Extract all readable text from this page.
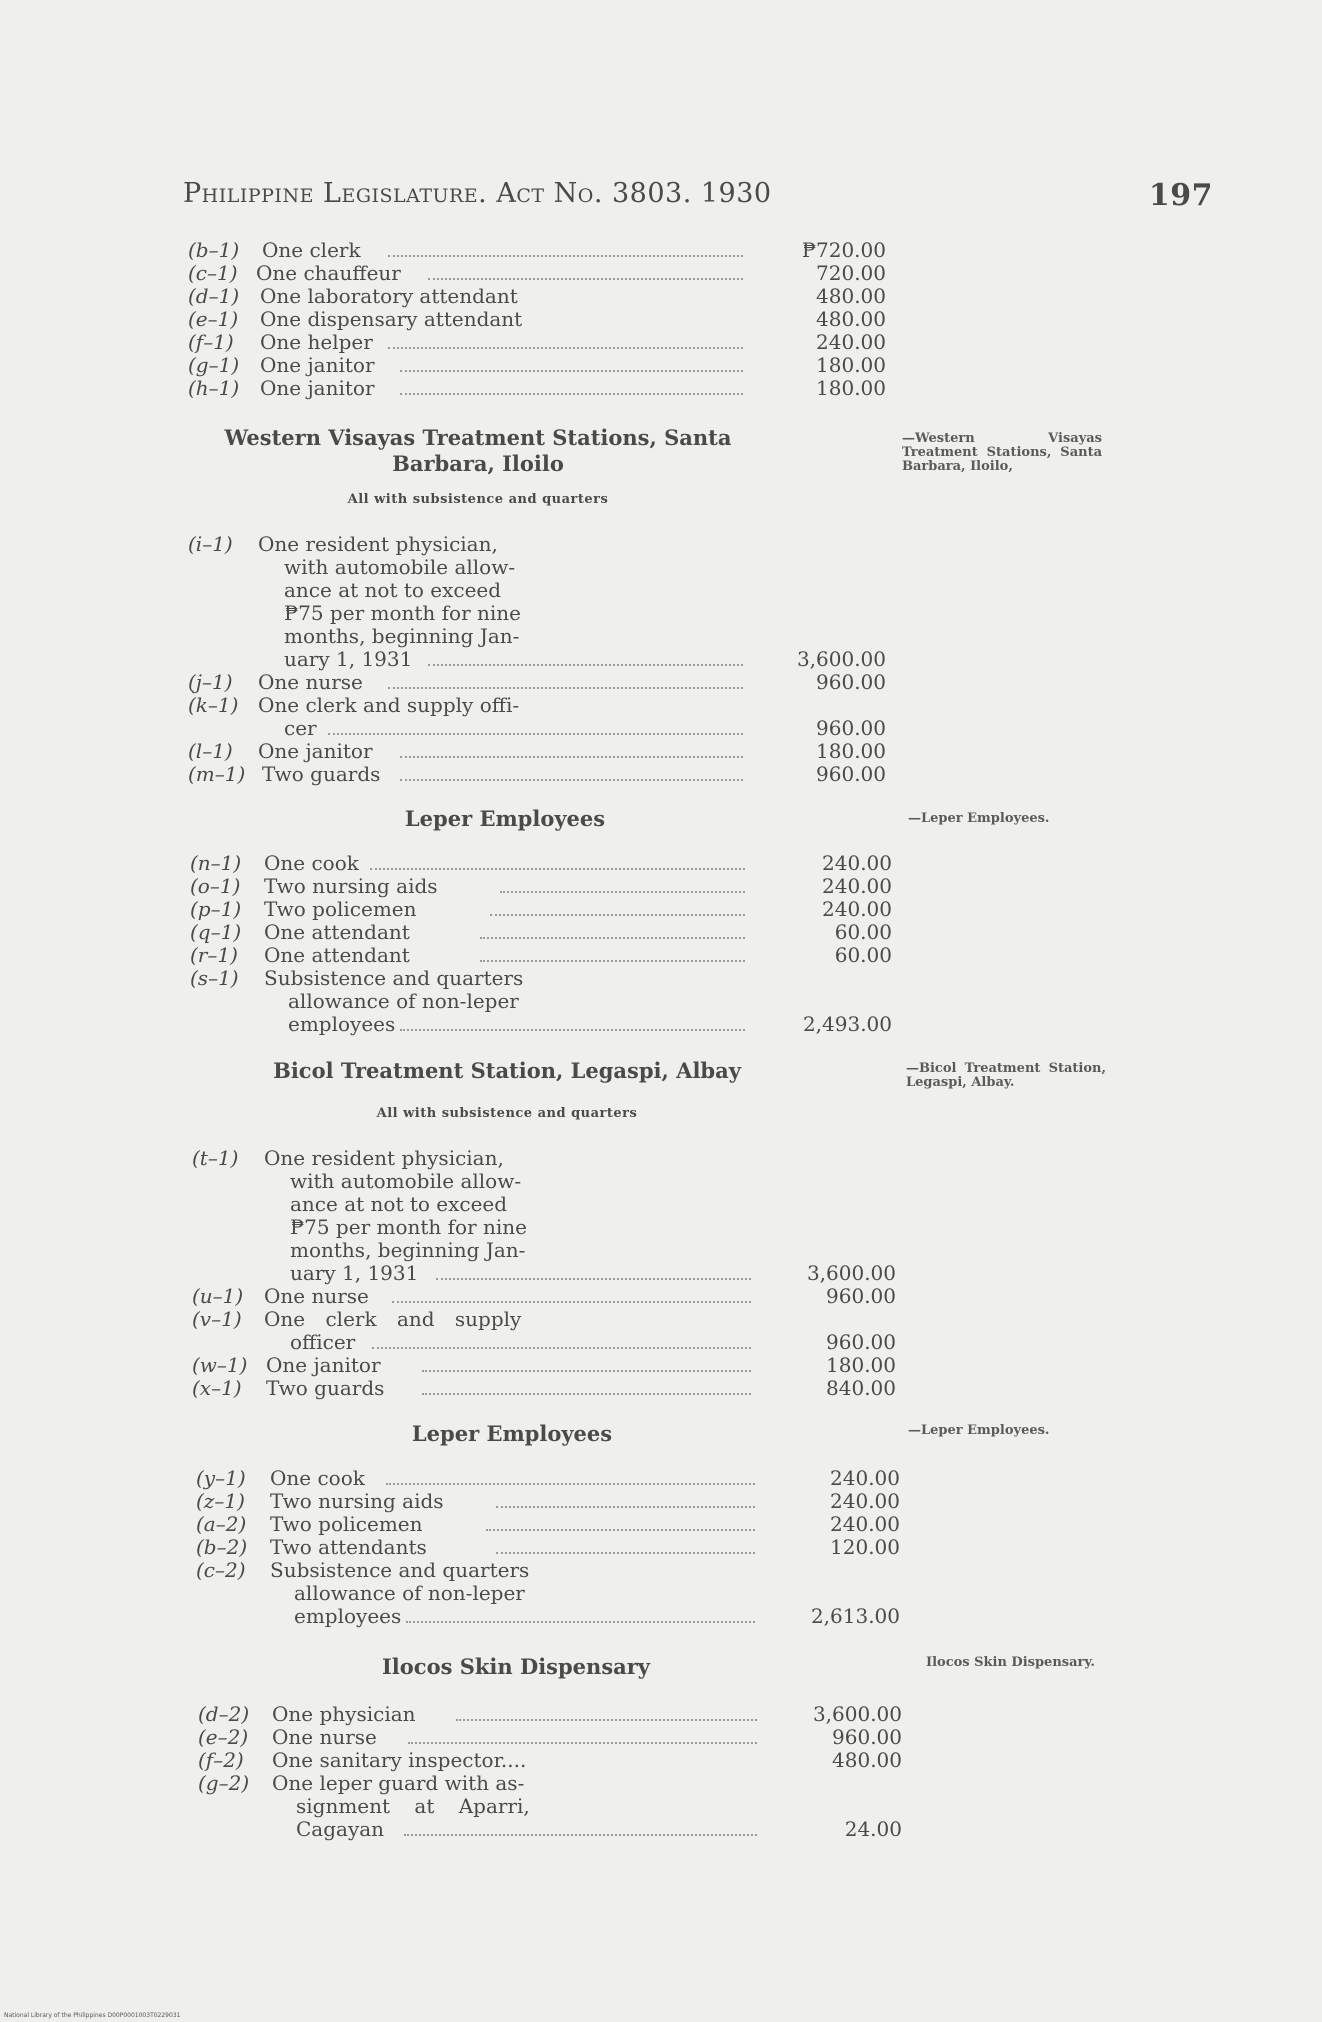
Philippine Legislature. Act No. 3803. 1930	197
(b–1) One clerk	₱720.00
(c–1) One chauffeur	720.00
(d–1) One laboratory attendant	480.00
(e–1) One dispensary attendant	480.00
(f–1) One helper	240.00
(g–1) One janitor	180.00
(h–1) One janitor	180.00
Western Visayas Treatment Stations, Santa
Barbara, Iloilo
All with subsistence and quarters
—Western Visayas Treatment Stations, Santa Barbara, Iloilo,
(i–1) One resident physician,
with automobile allow-
ance at not to exceed
₱75 per month for nine
months, beginning Jan-
uary 1, 1931	3,600.00
(j–1) One nurse	960.00
(k–1) One clerk and supply offi-
cer	960.00
(l–1) One janitor	180.00
(m–1) Two guards	960.00
Leper Employees	—Leper Employees.
(n–1) One cook	240.00
(o–1) Two nursing aids	240.00
(p–1) Two policemen	240.00
(q–1) One attendant	60.00
(r–1) One attendant	60.00
(s–1) Subsistence and quarters
allowance of non-leper
employees	2,493.00
Bicol Treatment Station, Legaspi, Albay
All with subsistence and quarters
—Bicol Treatment Station, Legaspi, Albay.
(t–1) One resident physician,
with automobile allow-
ance at not to exceed
₱75 per month for nine
months, beginning Jan-
uary 1, 1931	3,600.00
(u–1) One nurse	960.00
(v–1) One clerk and supply
officer	960.00
(w–1) One janitor	180.00
(x–1) Two guards	840.00
Leper Employees	—Leper Employees.
(y–1) One cook	240.00
(z–1) Two nursing aids	240.00
(a–2) Two policemen	240.00
(b–2) Two attendants	120.00
(c–2) Subsistence and quarters
allowance of non-leper
employees	2,613.00
Ilocos Skin Dispensary	Ilocos Skin Dispensary.
(d–2) One physician	3,600.00
(e–2) One nurse	960.00
(f–2) One sanitary inspector....	480.00
(g–2) One leper guard with as-
signment at Aparri,
Cagayan	24.00
National Library of the Philippines D00P0001003T0229031
